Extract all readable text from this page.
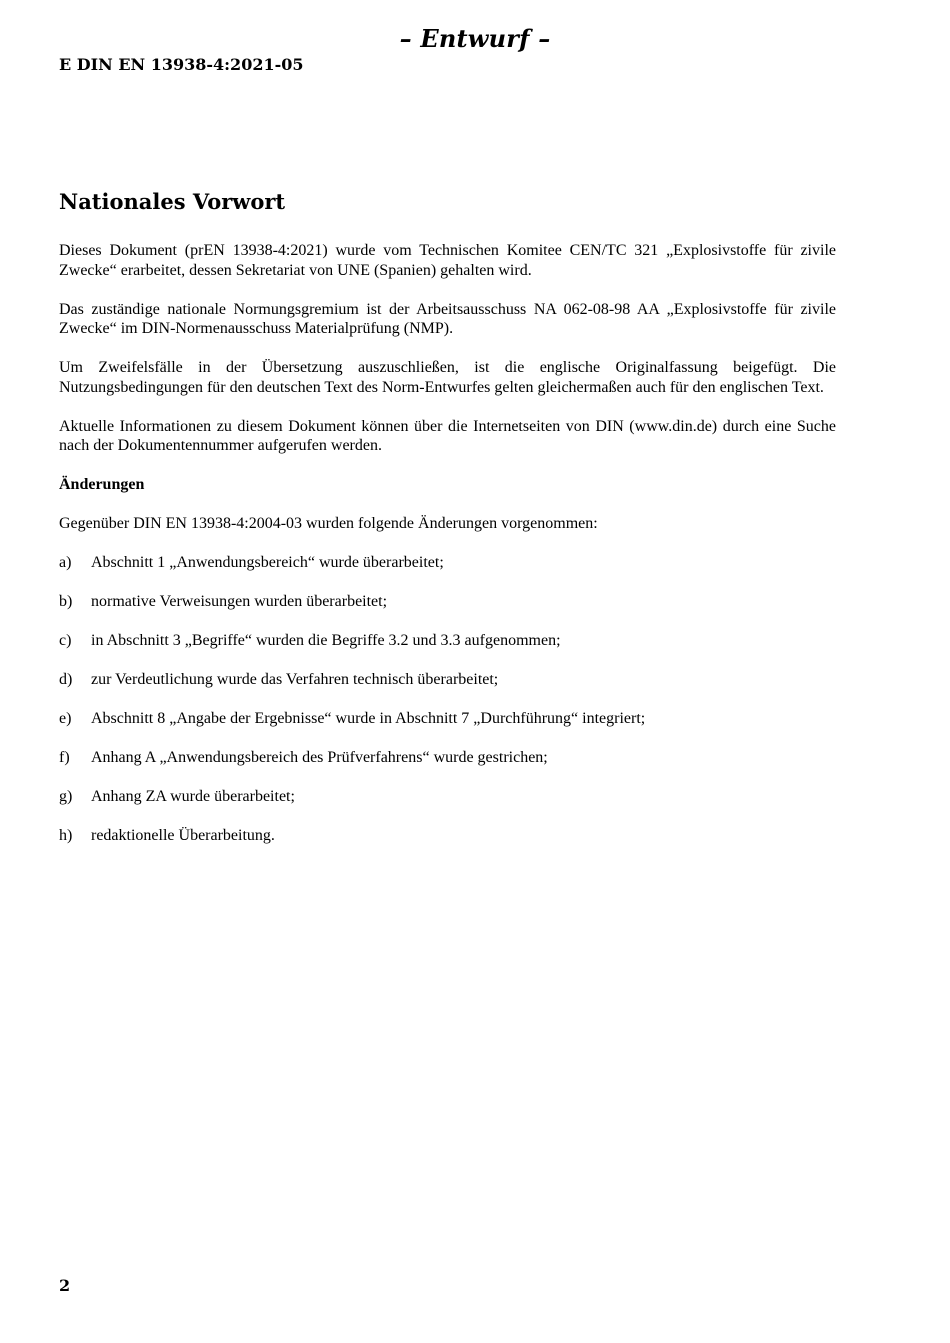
– Entwurf –
E DIN EN 13938-4:2021-05
Nationales Vorwort

Dieses Dokument (prEN 13938-4:2021) wurde vom Technischen Komitee CEN/TC 321 „Explosivstoffe für zivile Zwecke“ erarbeitet, dessen Sekretariat von UNE (Spanien) gehalten wird.

Das zuständige nationale Normungsgremium ist der Arbeitsausschuss NA 062-08-98 AA „Explosivstoffe für zivile Zwecke“ im DIN-Normenausschuss Materialprüfung (NMP).

Um Zweifelsfälle in der Übersetzung auszuschließen, ist die englische Originalfassung beigefügt. Die Nutzungsbedingungen für den deutschen Text des Norm-Entwurfes gelten gleichermaßen auch für den englischen Text.

Aktuelle Informationen zu diesem Dokument können über die Internetseiten von DIN (www.din.de) durch eine Suche nach der Dokumentennummer aufgerufen werden.

Änderungen

Gegenüber DIN EN 13938-4:2004-03 wurden folgende Änderungen vorgenommen:

a)	Abschnitt 1 „Anwendungsbereich“ wurde überarbeitet;
b)	normative Verweisungen wurden überarbeitet;
c)	in Abschnitt 3 „Begriffe“ wurden die Begriffe 3.2 und 3.3 aufgenommen;
d)	zur Verdeutlichung wurde das Verfahren technisch überarbeitet;
e)	Abschnitt 8 „Angabe der Ergebnisse“ wurde in Abschnitt 7 „Durchführung“ integriert;
f)	Anhang A „Anwendungsbereich des Prüfverfahrens“ wurde gestrichen;
g)	Anhang ZA wurde überarbeitet;
h)	redaktionelle Überarbeitung.
2
